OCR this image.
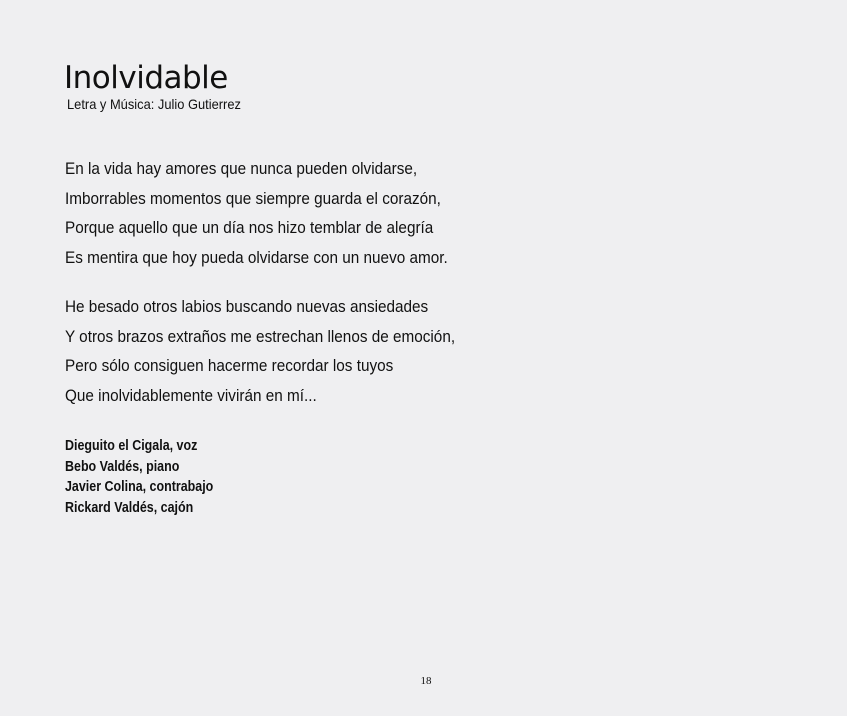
Inolvidable

Letra y Música: Julio Gutierrez

En la vida hay amores que nunca pueden olvidarse,
Imborrables momentos que siempre guarda el corazón,
Porque aquello que un día nos hizo temblar de alegría
Es mentira que hoy pueda olvidarse con un nuevo amor.
He besado otros labios buscando nuevas ansiedades
Y otros brazos extraños me estrechan llenos de emoción,
Pero sólo consiguen hacerme recordar los tuyos
Que inolvidablemente vivirán en mí...
Dieguito el Cigala, voz
Bebo Valdés, piano
Javier Colina, contrabajo
Rickard Valdés, cajón
18
